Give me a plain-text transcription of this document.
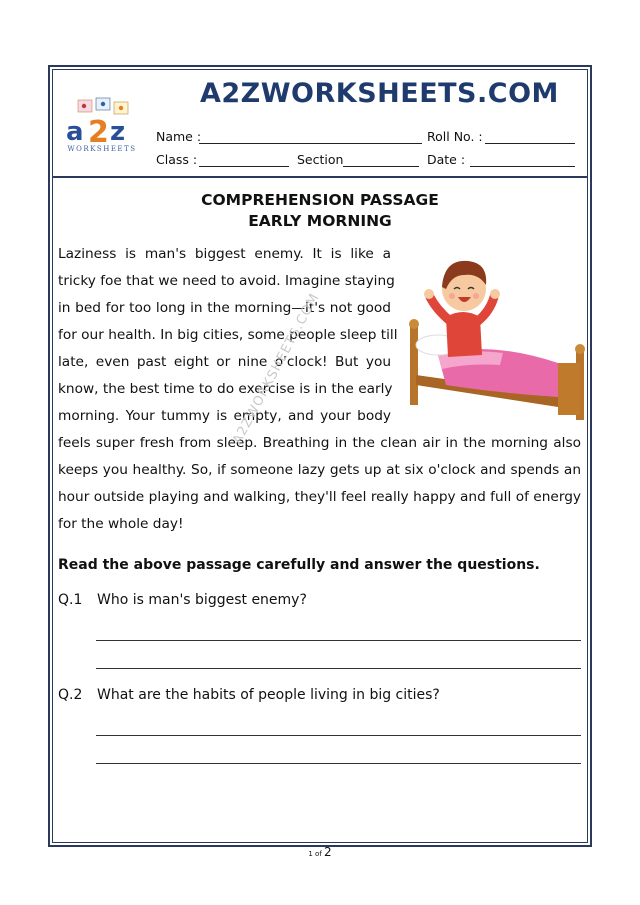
a 2 z
WORKSHEETS
A2ZWORKSHEETS.COM
Name :	Roll No. :
Class :	Section	Date :
COMPREHENSION PASSAGE
EARLY MORNING
Laziness is man's biggest enemy. It is like a
tricky foe that we need to avoid. Imagine staying
in bed for too long in the morning—it's not good
for our health. In big cities, some people sleep till
late, even past eight or nine o'clock! But you
know, the best time to do exercise is in the early
morning. Your tummy is empty, and your body
feels super fresh from sleep. Breathing in the clean air in the morning also
keeps you healthy. So, if someone lazy gets up at six o'clock and spends an
hour outside playing and walking, they'll feel really happy and full of energy
for the whole day!
A2ZWORKSHEETS.COM
Read the above passage carefully and answer the questions.
Q.1 Who is man's biggest enemy?
Q.2 What are the habits of people living in big cities?
1 of 2
